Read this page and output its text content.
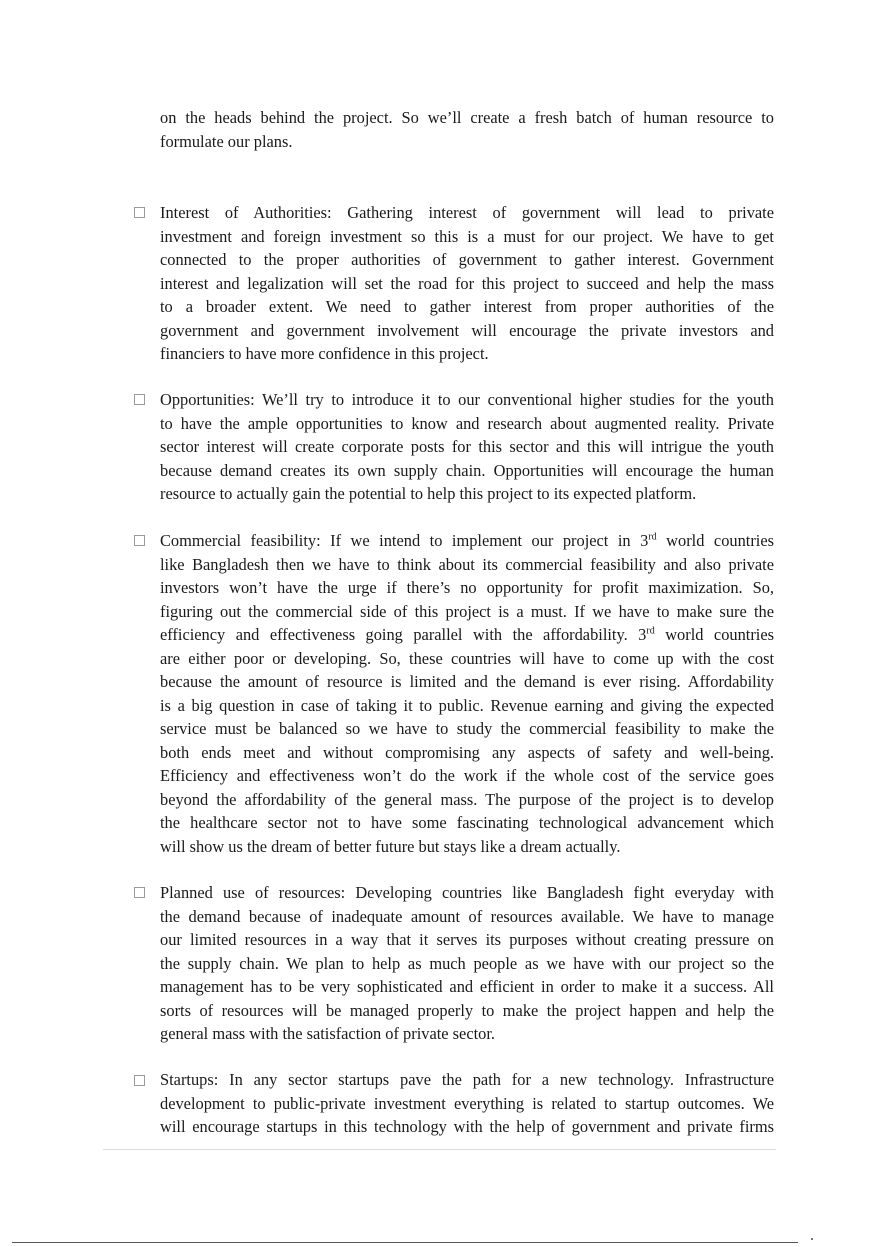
on the heads behind the project. So we’ll create a fresh batch of human resource to
formulate our plans.

Interest of Authorities: Gathering interest of government will lead to private
investment and foreign investment so this is a must for our project. We have to get
connected to the proper authorities of government to gather interest. Government
interest and legalization will set the road for this project to succeed and help the mass
to a broader extent. We need to gather interest from proper authorities of the
government and government involvement will encourage the private investors and
financiers to have more confidence in this project.

Opportunities: We’ll try to introduce it to our conventional higher studies for the youth
to have the ample opportunities to know and research about augmented reality. Private
sector interest will create corporate posts for this sector and this will intrigue the youth
because demand creates its own supply chain. Opportunities will encourage the human
resource to actually gain the potential to help this project to its expected platform.

Commercial feasibility: If we intend to implement our project in 3rd world countries
like Bangladesh then we have to think about its commercial feasibility and also private
investors won’t have the urge if there’s no opportunity for profit maximization. So,
figuring out the commercial side of this project is a must. If we have to make sure the
efficiency and effectiveness going parallel with the affordability. 3rd world countries
are either poor or developing. So, these countries will have to come up with the cost
because the amount of resource is limited and the demand is ever rising. Affordability
is a big question in case of taking it to public. Revenue earning and giving the expected
service must be balanced so we have to study the commercial feasibility to make the
both ends meet and without compromising any aspects of safety and well-being.
Efficiency and effectiveness won’t do the work if the whole cost of the service goes
beyond the affordability of the general mass. The purpose of the project is to develop
the healthcare sector not to have some fascinating technological advancement which
will show us the dream of better future but stays like a dream actually.

Planned use of resources: Developing countries like Bangladesh fight everyday with
the demand because of inadequate amount of resources available. We have to manage
our limited resources in a way that it serves its purposes without creating pressure on
the supply chain. We plan to help as much people as we have with our project so the
management has to be very sophisticated and efficient in order to make it a success. All
sorts of resources will be managed properly to make the project happen and help the
general mass with the satisfaction of private sector.

Startups: In any sector startups pave the path for a new technology. Infrastructure
development to public-private investment everything is related to startup outcomes. We
will encourage startups in this technology with the help of government and private firms
